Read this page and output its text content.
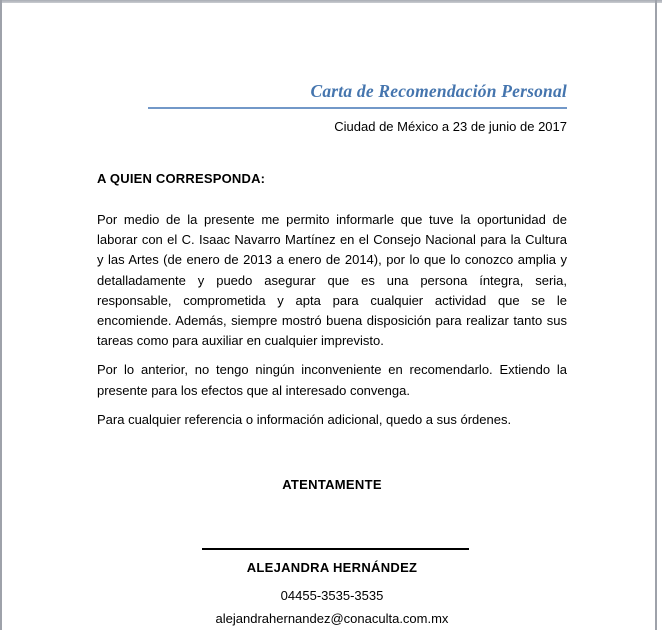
Carta de Recomendación Personal
Ciudad de México a 23 de junio de 2017
A QUIEN CORRESPONDA:

Por medio de la presente me permito informarle que tuve la oportunidad de laborar con el C. Isaac Navarro Martínez en el Consejo Nacional para la Cultura y las Artes (de enero de 2013 a enero de 2014), por lo que lo conozco amplia y detalladamente y puedo asegurar que es una persona íntegra, seria, responsable, comprometida y apta para cualquier actividad que se le encomiende. Además, siempre mostró buena disposición para realizar tanto sus tareas como para auxiliar en cualquier imprevisto.

Por lo anterior, no tengo ningún inconveniente en recomendarlo. Extiendo la presente para los efectos que al interesado convenga.

Para cualquier referencia o información adicional, quedo a sus órdenes.

ATENTAMENTE
ALEJANDRA HERNÁNDEZ
04455-3535-3535
alejandrahernandez@conaculta.com.mx
